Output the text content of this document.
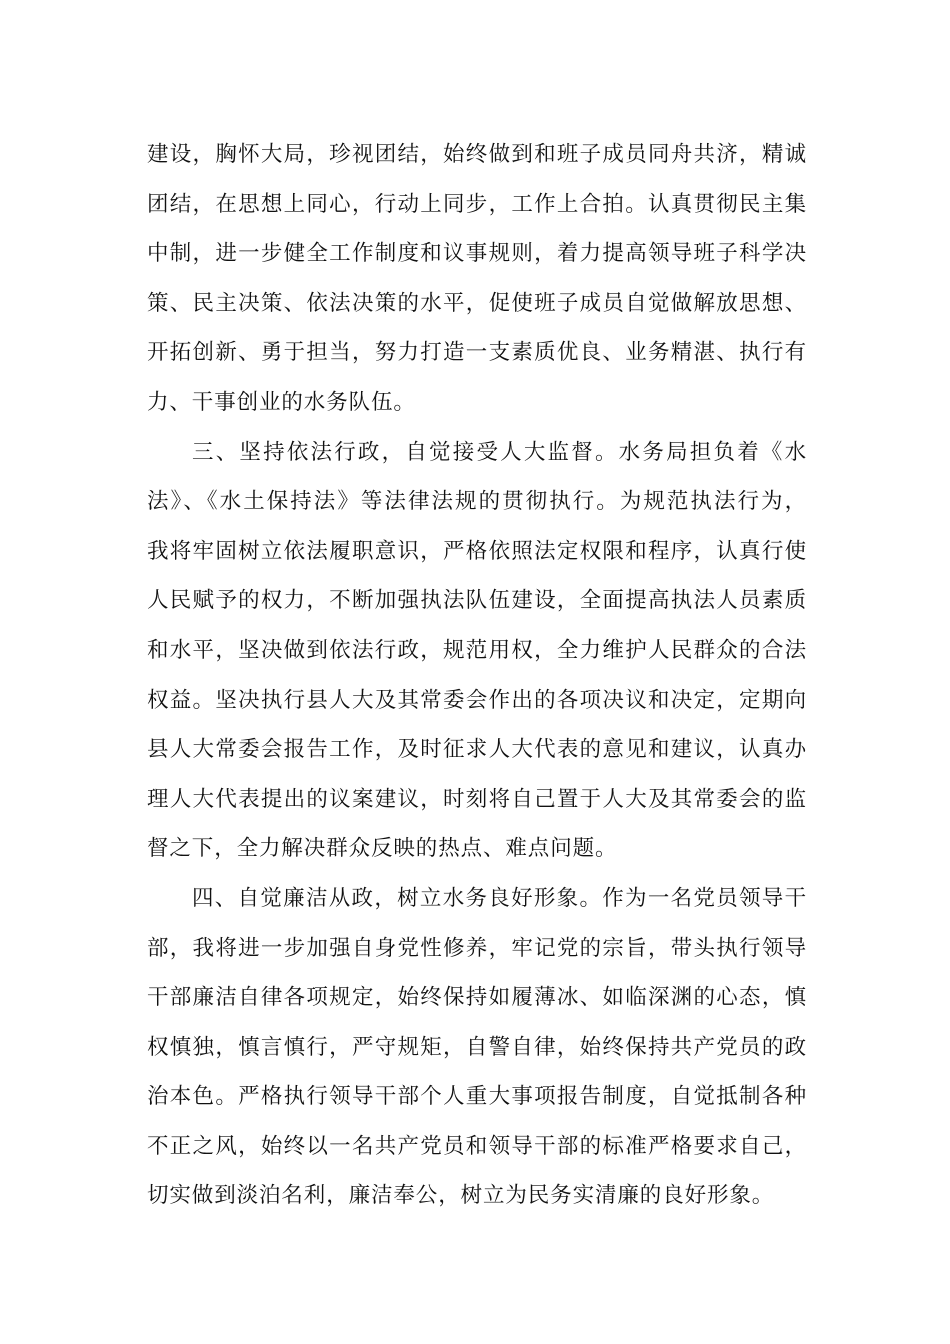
建设，胸怀大局，珍视团结，始终做到和班子成员同舟共济，精诚
团结，在思想上同心，行动上同步，工作上合拍。认真贯彻民主集
中制，进一步健全工作制度和议事规则，着力提高领导班子科学决
策、民主决策、依法决策的水平，促使班子成员自觉做解放思想、
开拓创新、勇于担当，努力打造一支素质优良、业务精湛、执行有
力、干事创业的水务队伍。
三、坚持依法行政，自觉接受人大监督。水务局担负着《水
法》、《水土保持法》等法律法规的贯彻执行。为规范执法行为，
我将牢固树立依法履职意识，严格依照法定权限和程序，认真行使
人民赋予的权力，不断加强执法队伍建设，全面提高执法人员素质
和水平，坚决做到依法行政，规范用权，全力维护人民群众的合法
权益。坚决执行县人大及其常委会作出的各项决议和决定，定期向
县人大常委会报告工作，及时征求人大代表的意见和建议，认真办
理人大代表提出的议案建议，时刻将自己置于人大及其常委会的监
督之下，全力解决群众反映的热点、难点问题。
四、自觉廉洁从政，树立水务良好形象。作为一名党员领导干
部，我将进一步加强自身党性修养，牢记党的宗旨，带头执行领导
干部廉洁自律各项规定，始终保持如履薄冰、如临深渊的心态，慎
权慎独，慎言慎行，严守规矩，自警自律，始终保持共产党员的政
治本色。严格执行领导干部个人重大事项报告制度，自觉抵制各种
不正之风，始终以一名共产党员和领导干部的标准严格要求自己，
切实做到淡泊名利，廉洁奉公，树立为民务实清廉的良好形象。
